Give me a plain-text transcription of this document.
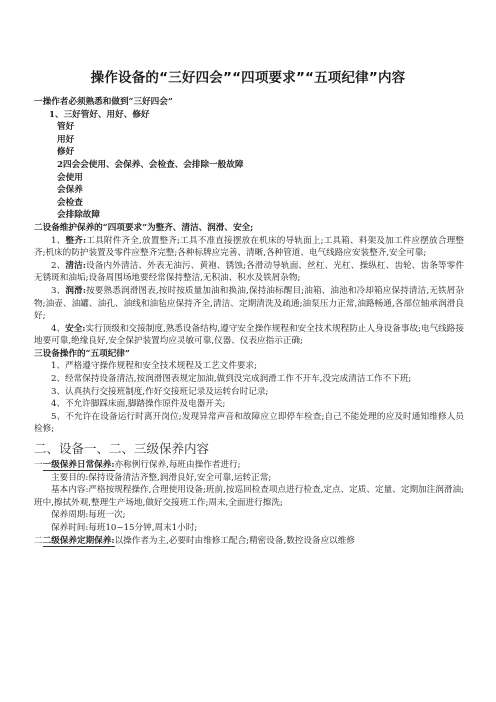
操作设备的“三好四会”“四项要求”“五项纪律”内容
一操作者必须熟悉和做到“三好四会”
1、三好管好、用好、修好
管好
用好
修好
2四会会使用、会保养、会检查、会排除一般故障
会使用
会保养
会检查
会排除故障
二设备维护保养的“四项要求”为整齐、清洁、润滑、安全;

1、整齐:工具附件齐全,放置整齐;工具不准直接摆放在机床的导轨面上;工具箱、料架及加工件应摆放合理整齐;机床的防护装置及零件应整齐完整;各种标牌应完善、清晰,各种管道、电气线路应安装整齐,安全可靠;

2、清洁:设备内外清洁、外表无油污、黄袍、锈蚀;各滑动导轨面、丝杠、光杠、操纵杠、齿轮、齿条等零件无锈斑和油垢;设备周围场地要经常保持整洁,无积油、积水及铁屑杂物;

3、润滑:按要熟悉润滑图表,按时按质量加油和换油,保持油标醒目;油箱、油池和冷却箱应保持清洁,无铁屑杂物;油壶、油罐、油孔、油线和油毡应保持齐全,清洁、定期清洗及疏通;油泵压力正常,油路畅通,各部位轴承润滑良好;

4、安全:实行顶级和交接制度,熟悉设备结构,遵守安全操作规程和安全技术规程防止人身设备事故;电气线路接地要可靠,绝缘良好,安全保护装置均应灵敏可靠,仪器、仪表应指示正确;

三设备操作的“五项纪律”

1、严格遵守操作规程和安全技术规程及工艺文件要求;

2、经常保持设备清洁,按润滑图表规定加油,做到没完成润滑工作不开车,没完成清洁工作不下班;

3、认真执行交接班制度,作好交接班记录及运转台时记录;

4、不允许脚踩床面,脚踏操作原件及电器开关;

5、不允许在设备运行时离开岗位;发现异常声音和故障应立即停车检查;自己不能处理的应及时通知维修人员检修;

二、设备一、二、三级保养内容
一一级保养日常保养:亦称例行保养,每班由操作者进行;

主要目的:保持设备清洁齐整,润滑良好,安全可靠,运转正常;

基本内容:严格按规程操作,合理使用设备;班前,按巡回检查项点进行检查,定点、定质、定量、定期加注润滑油;班中,擦拭外观,整理生产场地,做好交接班工作;周末,全面进行擦洗;

保养周期:每班一次;

保养时间:每班10~15分钟,周末1小时;

二二级保养定期保养:以操作者为主,必要时由维修工配合;精密设备,数控设备应以维修
